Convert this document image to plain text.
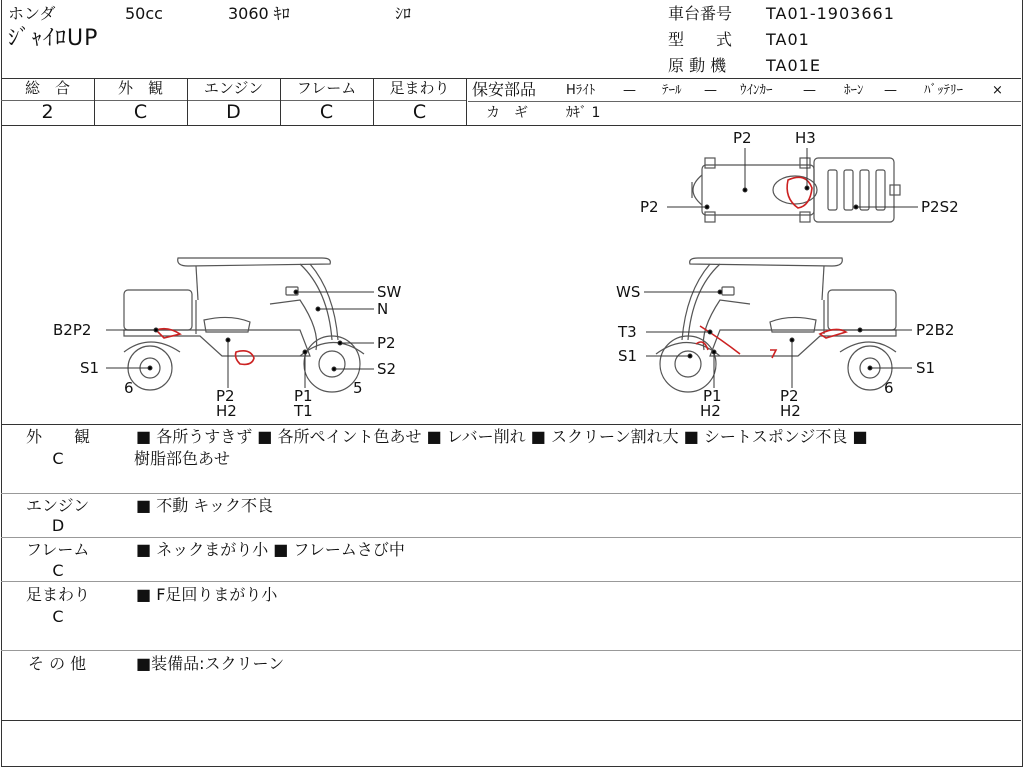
ホンダ	50cc	3060 ｷﾛ	ｼﾛ
ｼﾞｬｲﾛUP
車台番号 TA01-1903661
型　　式 TA01
原 動 機 TA01E
総　合	外　観	エンジン	フレーム	足まわり
2	C	D	C	C
保安部品 Hﾗｲﾄ — ﾃｰﾙ — ｳｲﾝｶｰ — ﾎｰﾝ — ﾊﾞｯﾃﾘｰ ×
カ　ギ	ｶｷﾞ 1
B2P2
S1
6	P2
H2
P1
T1
5
SW
N
P2
S2
P2	H3
P2	P2S2
WS
T3
S1
P1
H2
P2
H2
P2B2
S1
6
外　　観
C
■ 各所うすきず ■ 各所ペイント色あせ ■ レバー削れ ■ スクリーン割れ大 ■ シートスポンジ不良 ■
樹脂部色あせ
エンジン
D
■ 不動 キック不良
フレーム
C
■ ネックまがり小 ■ フレームさび中
足まわり
C
■ F足回りまがり小
そ の 他	■装備品:スクリーン
